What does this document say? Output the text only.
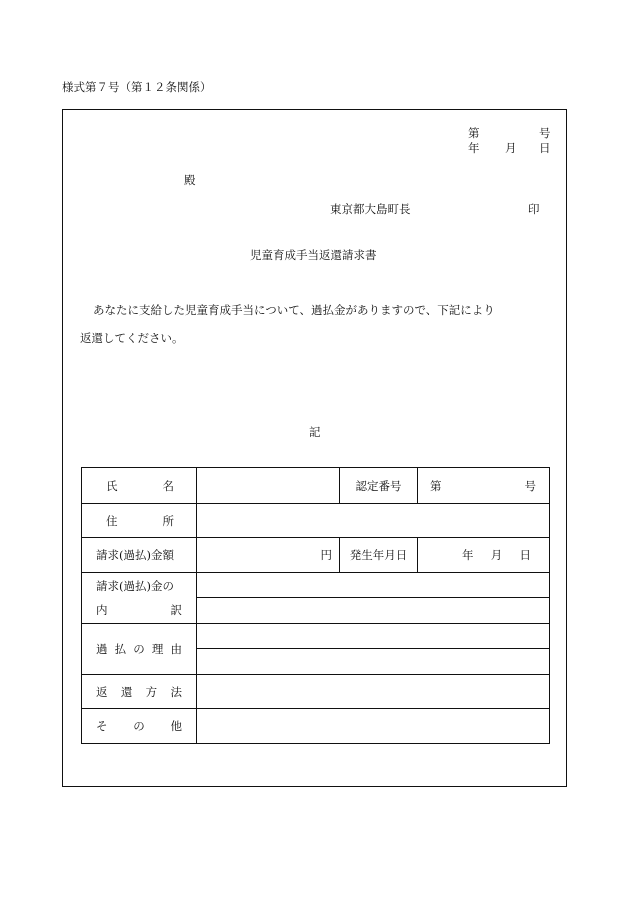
様式第７号（第１２条関係）
第	号
年 月 日
殿
東京都大島町長	印
児童育成手当返還請求書
あなたに支給した児童育成手当について、過払金がありますので、下記により
返還してください。
記
氏 名		認定番号	第 号

住 所			

請求(過払)金額	円	発生年月日	年 月 日

請求(過払)金の
内 訳			

過 払 の 理 由			

返 還 方 法			

そ の 他			
